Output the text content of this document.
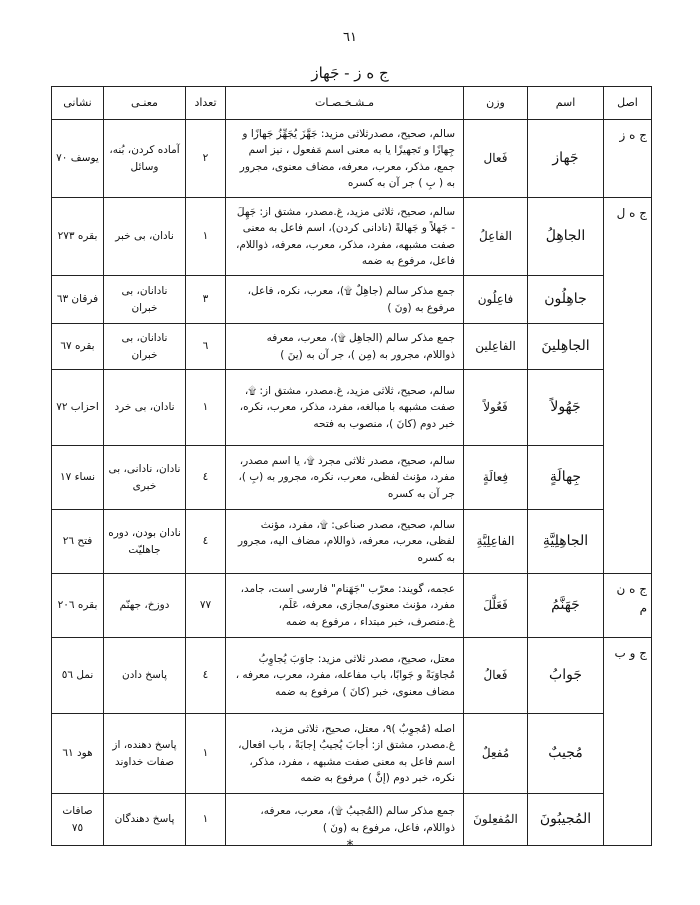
٦١
ج ه ز - جَهاز
اصل	اسم	وزن	مـشـخـصـات	تعداد	معنـی	نشانی
ج ه ز	جَهاز	فَعال	سالم، صحيح، مصدرثلاثى مزيد: جَهَّزَ يُجَهِّزُ جَهازًا و جِهازًا و تَجهيزًا يا به معنى اسم مَفعول ، نيز اسم جمع، مذكر، معرب، معرفه، مضاف معنوى، مجرور به ( بِ ) جر آن به كسره	٢	آماده كردن، بُنه، وسائل	يوسف ٧٠
ج ه ل	الجاهِلُ	الفاعِلُ	سالم، صحيح، ثلاثى مزيد، غ.مصدر، مشتق از: جَهِلَ - جَهلاً و جَهالةً (نادانی کردن)، اسم فاعل به معنى صفت مشبهه، مفرد، مذكر، معرب، معرفه، ذواللام، فاعل، مرفوع به ضمه	١	نادان، بی خبر	بقره ٢٧٣
	جاهِلُون	فاعِلُون	جمع مذكر سالم (جاهِلٌ ۩)، معرب، نكره، فاعل، مرفوع به (ونَ )	٣	نادانان، بی خبران	فرقان ٦٣
	الجاهِلينَ	الفاعِلين	جمع مذكر سالم (الجاهِل ۩)، معرب، معرفه ذواللام، مجرور به (مِن )، جر آن به (ينَ )	٦	نادانان، بی خبران	بقره ٦٧
	جَهُولاً	فَعُولاً	سالم، صحيح، ثلاثى مزيد، غ.مصدر، مشتق از: ۩، صفت مشبهه با مبالغه، مفرد، مذكر، معرب، نكره، خبر دوم (كانَ )، منصوب به فتحه	١	نادان، بی خرد	احزاب ٧٢
	جِهالَةٍ	فِعالَةٍ	سالم، صحيح، مصدر ثلاثى مجرد ۩، يا اسم مصدر، مفرد، مؤنث لفظى، معرب، نكره، مجرور به (بِ )، جر آن به كسره	٤	نادان، نادانی، بی خبری	نساء ١٧
	الجاهِلِيَّةِ	الفاعِلِيَّةِ	سالم، صحيح، مصدر صناعى: ۩، مفرد، مؤنث لفظى، معرب، معرفه، ذواللام، مضاف اليه، مجرور به كسره	٤	نادان بودن، دوره جاهليّت	فتح ٢٦
ج ه ن م	جَهَنَّمُ	فَعَلَّلَ	عجمه، گويند: معرّب "جَهَنام" فارسى است، جامد، مفرد، مؤنث معنوى/مجازى، معرفه، عَلَم، غ.منصرف، خبر مبتداء ، مرفوع به ضمه	٧٧	دوزخ، جهنّم	بقره ٢٠٦
ج و ب	جَوابُ	فَعالُ	معتل، صحيح، مصدر ثلاثى مزيد: جاوَبَ يُجاوِبُ مُجاوَبَةً و جَوابًا، باب مفاعله، مفرد، معرب، معرفه ، مضاف معنوى، خبر (كانَ ) مرفوع به ضمه	٤	پاسخ دادن	نمل ٥٦
	مُجيبٌ	مُفعِلٌ	اصله (مُجوِبٌ )٩، معتل، صحيح، ثلاثى مزيد، غ.مصدر، مشتق از: أجابَ يُجيبُ إجابَةً ، باب افعال، اسم فاعل به معنى صفت مشبهه ، مفرد، مذكر، نكره، خبر دوم (إنَّ ) مرفوع به ضمه	١	پاسخ دهنده، از صفات خداوند	هود ٦١
	المُجيبُونَ	المُفعِلونَ	جمع مذكر سالم (المُجيبُ ۩)، معرب، معرفه، ذواللام، فاعل، مرفوع به (ونَ )	١	پاسخ دهندگان	صافات ٧٥
*
